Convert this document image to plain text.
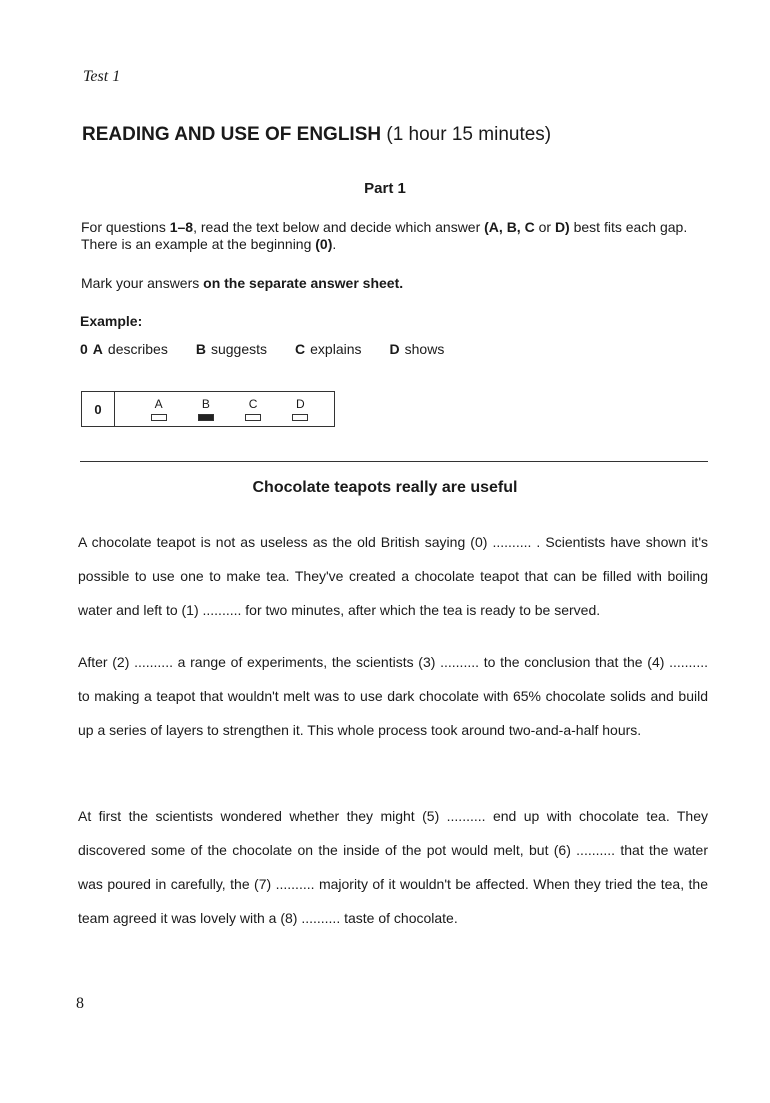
Test 1
READING AND USE OF ENGLISH (1 hour 15 minutes)
Part 1
For questions 1–8, read the text below and decide which answer (A, B, C or D) best fits each gap. There is an example at the beginning (0).
Mark your answers on the separate answer sheet.
Example:
0 A describes B suggests C explains D shows
0	A	B	C	D
Chocolate teapots really are useful
A chocolate teapot is not as useless as the old British saying (0) .......... . Scientists have shown it's possible to use one to make tea. They've created a chocolate teapot that can be filled with boiling water and left to (1) .......... for two minutes, after which the tea is ready to be served.
After (2) .......... a range of experiments, the scientists (3) .......... to the conclusion that the (4) .......... to making a teapot that wouldn't melt was to use dark chocolate with 65% chocolate solids and build up a series of layers to strengthen it. This whole process took around two-and-a-half hours.
At first the scientists wondered whether they might (5) .......... end up with chocolate tea. They discovered some of the chocolate on the inside of the pot would melt, but (6) .......... that the water was poured in carefully, the (7) .......... majority of it wouldn't be affected. When they tried the tea, the team agreed it was lovely with a (8) .......... taste of chocolate.
8
